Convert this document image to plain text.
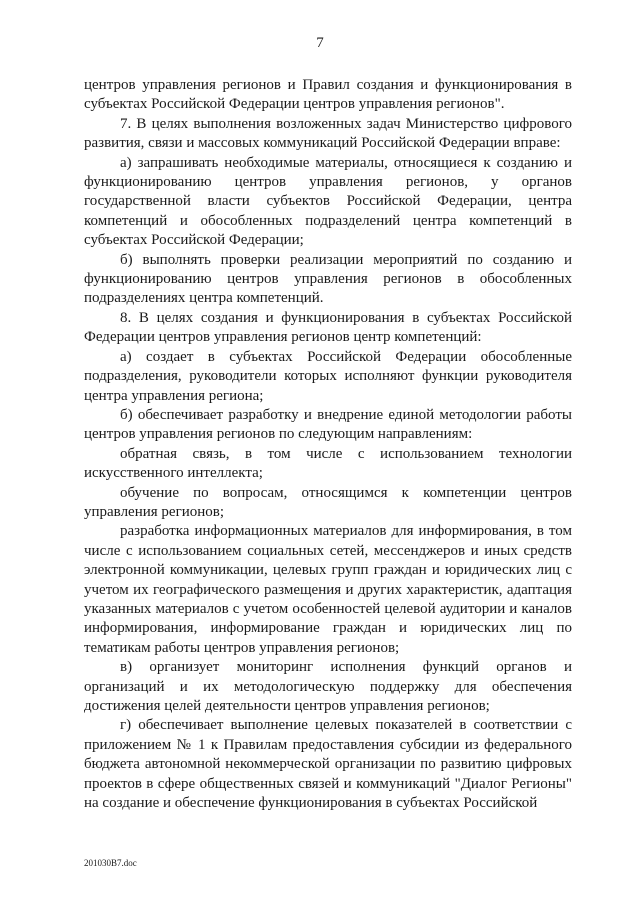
7

центров управления регионов и Правил создания и функционирования в субъектах Российской Федерации центров управления регионов".

7. В целях выполнения возложенных задач Министерство цифрового развития, связи и массовых коммуникаций Российской Федерации вправе:

а) запрашивать необходимые материалы, относящиеся к созданию и функционированию центров управления регионов, у органов государственной власти субъектов Российской Федерации, центра компетенций и обособленных подразделений центра компетенций в субъектах Российской Федерации;

б) выполнять проверки реализации мероприятий по созданию и функционированию центров управления регионов в обособленных подразделениях центра компетенций.

8. В целях создания и функционирования в субъектах Российской Федерации центров управления регионов центр компетенций:

а) создает в субъектах Российской Федерации обособленные подразделения, руководители которых исполняют функции руководителя центра управления региона;

б) обеспечивает разработку и внедрение единой методологии работы центров управления регионов по следующим направлениям:

обратная связь, в том числе с использованием технологии искусственного интеллекта;

обучение по вопросам, относящимся к компетенции центров управления регионов;

разработка информационных материалов для информирования, в том числе с использованием социальных сетей, мессенджеров и иных средств электронной коммуникации, целевых групп граждан и юридических лиц с учетом их географического размещения и других характеристик, адаптация указанных материалов с учетом особенностей целевой аудитории и каналов информирования, информирование граждан и юридических лиц по тематикам работы центров управления регионов;

в) организует мониторинг исполнения функций органов и организаций и их методологическую поддержку для обеспечения достижения целей деятельности центров управления регионов;

г) обеспечивает выполнение целевых показателей в соответствии с приложением № 1 к Правилам предоставления субсидии из федерального бюджета автономной некоммерческой организации по развитию цифровых проектов в сфере общественных связей и коммуникаций "Диалог Регионы" на создание и обеспечение функционирования в субъектах Российской

201030B7.doc
